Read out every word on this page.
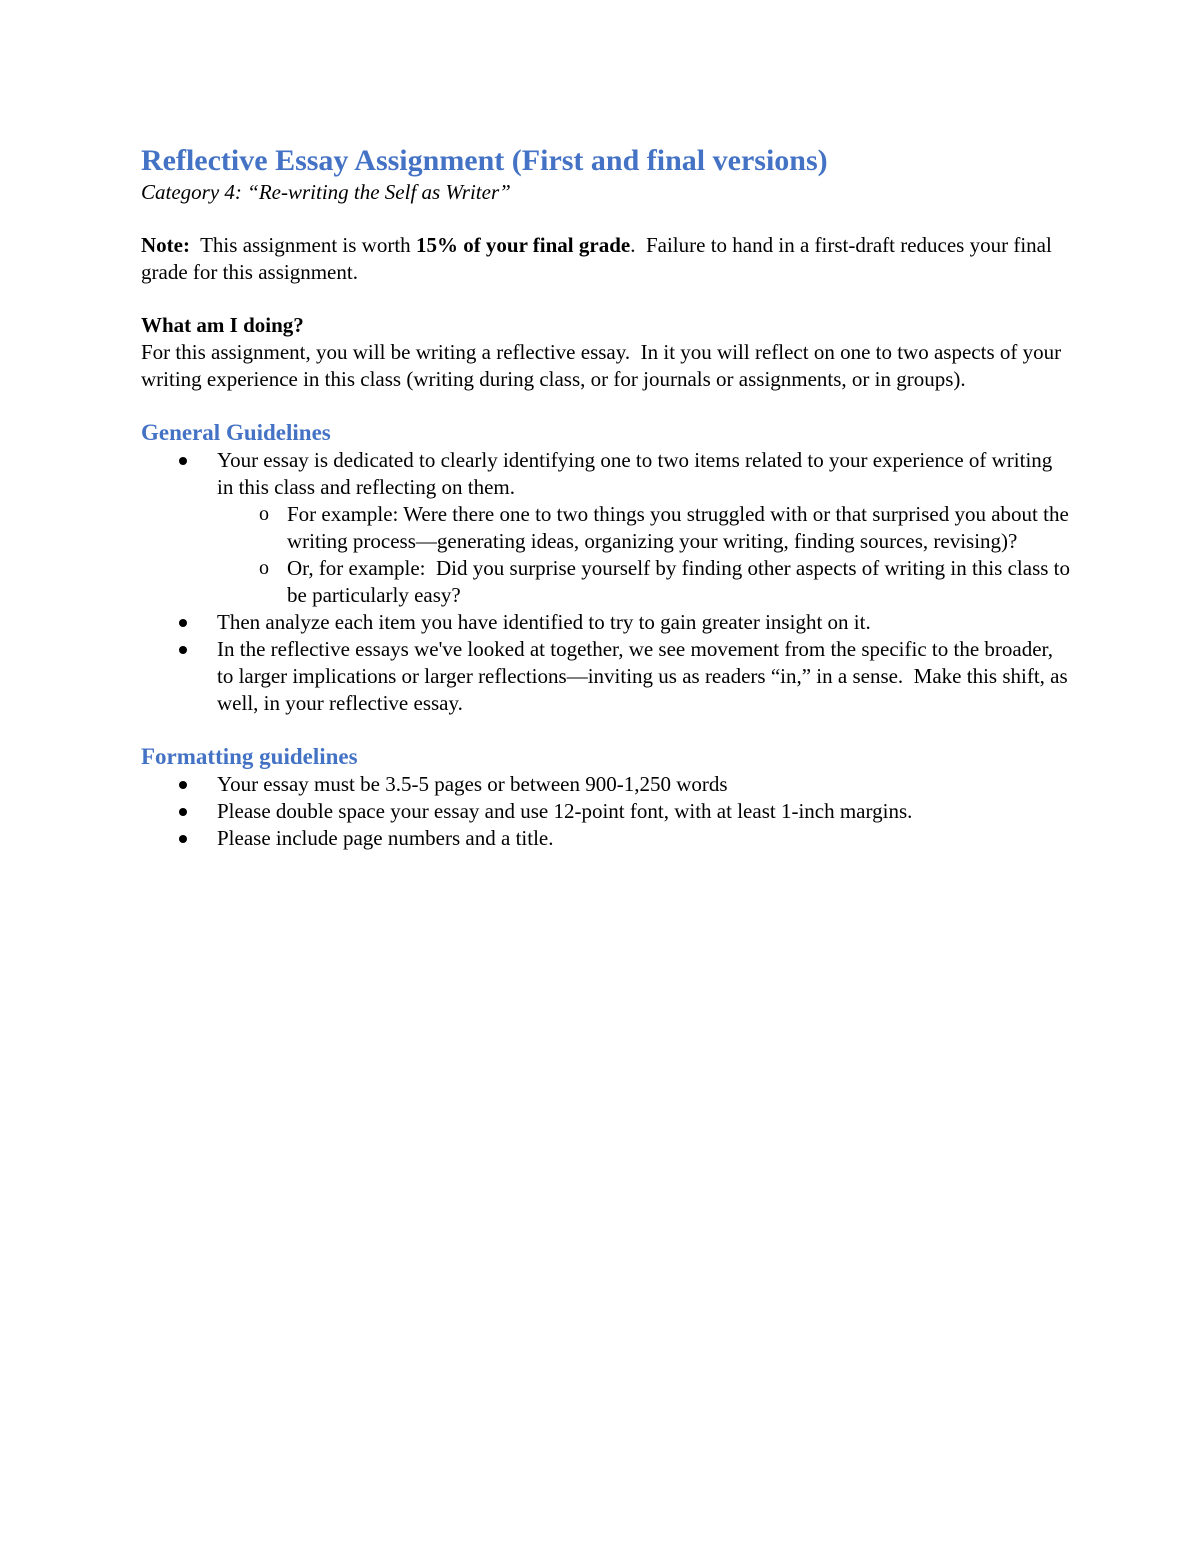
Reflective Essay Assignment (First and final versions)

Category 4: “Re-writing the Self as Writer”

Note:  This assignment is worth 15% of your final grade.  Failure to hand in a first-draft reduces your final grade for this assignment.

What am I doing?

For this assignment, you will be writing a reflective essay.  In it you will reflect on one to two aspects of your writing experience in this class (writing during class, or for journals or assignments, or in groups).

General Guidelines
Your essay is dedicated to clearly identifying one to two items related to your experience of writing in this class and reflecting on them.
o For example: Were there one to two things you struggled with or that surprised you about the writing process—generating ideas, organizing your writing, finding sources, revising)?
o Or, for example:  Did you surprise yourself by finding other aspects of writing in this class to be particularly easy?
Then analyze each item you have identified to try to gain greater insight on it.
In the reflective essays we've looked at together, we see movement from the specific to the broader, to larger implications or larger reflections—inviting us as readers “in,” in a sense.  Make this shift, as well, in your reflective essay.
Formatting guidelines
Your essay must be 3.5-5 pages or between 900-1,250 words
Please double space your essay and use 12-point font, with at least 1-inch margins.
Please include page numbers and a title.
